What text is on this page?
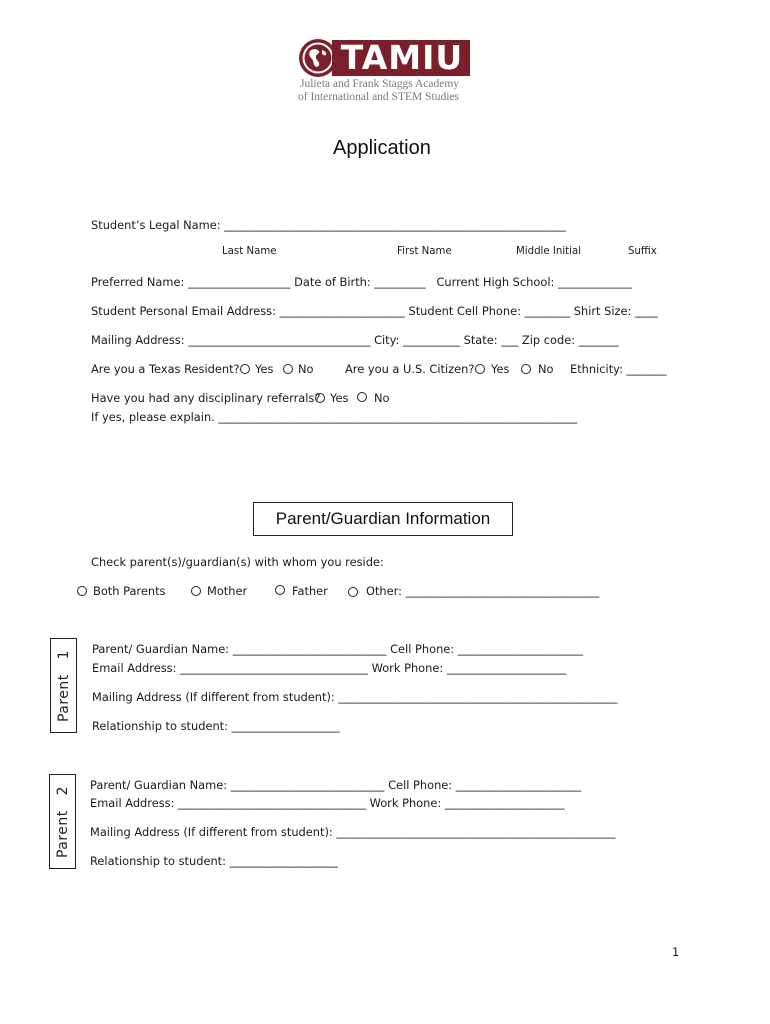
TAMIU
Julieta and Frank Staggs Academy
of International and STEM Studies
Application
Student’s Legal Name: ____________________________________________________________
Last Name	First Name	Middle Initial	Suffix
Preferred Name: __________________ Date of Birth: _________   Current High School: _____________
Student Personal Email Address: ______________________ Student Cell Phone: ________ Shirt Size: ____
Mailing Address: ________________________________ City: __________ State: ___ Zip code: _______
Are you a Texas Resident? Yes No	Are you a U.S. Citizen? Yes	No Ethnicity: _______
Have you had any disciplinary referrals? Yes No
If yes, please explain. _______________________________________________________________
Parent/Guardian Information
Check parent(s)/guardian(s) with whom you reside:
Both Parents	Mother	Father	Other: __________________________________
Parent   1
Parent/ Guardian Name: ___________________________ Cell Phone: ______________________
Email Address: _________________________________ Work Phone: _____________________
Mailing Address (If different from student): _________________________________________________
Relationship to student: ___________________
Parent   2
Parent/ Guardian Name: ___________________________ Cell Phone: ______________________
Email Address: _________________________________ Work Phone: _____________________
Mailing Address (If different from student): _________________________________________________
Relationship to student: ___________________
1
